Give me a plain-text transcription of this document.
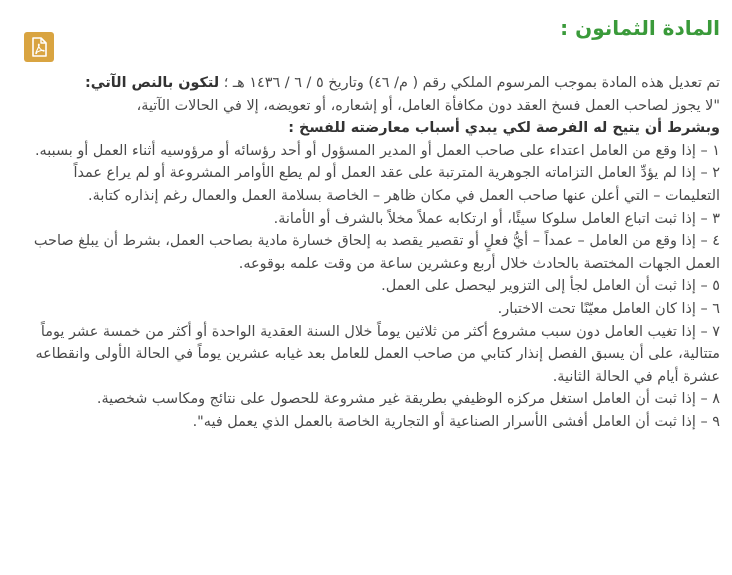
المادة الثمانون :

تم تعديل هذه المادة بموجب المرسوم الملكي رقم ( م/ ٤٦) وتاريخ ٥ / ٦ / ١٤٣٦ هـ ؛ لتكون بالنص الآتي:

"لا يجوز لصاحب العمل فسخ العقد دون مكافأة العامل، أو إشعاره، أو تعويضه، إلا في الحالات الآتية،

وبشرط أن يتيح له الفرصة لكي يبدي أسباب معارضته للفسخ :

١ – إذا وقع من العامل اعتداء على صاحب العمل أو المدير المسؤول أو أحد رؤسائه أو مرؤوسيه أثناء العمل أو بسببه.

٢ – إذا لم يؤدِّ العامل التزاماته الجوهرية المترتبة على عقد العمل أو لم يطع الأوامر المشروعة أو لم يراع عمداً التعليمات – التي أعلن عنها صاحب العمل في مكان ظاهر – الخاصة بسلامة العمل والعمال رغم إنذاره كتابة.

٣ – إذا ثبت اتباع العامل سلوكا سيئًا، أو ارتكابه عملاً مخلاً بالشرف أو الأمانة.

٤ – إذا وقع من العامل – عمداً – أيُّ فعلٍ أو تقصير يقصد به إلحاق خسارة مادية بصاحب العمل، بشرط أن يبلغ صاحب العمل الجهات المختصة بالحادث خلال أربع وعشرين ساعة من وقت علمه بوقوعه.

٥ – إذا ثبت أن العامل لجأ إلى التزوير ليحصل على العمل.

٦ – إذا كان العامل معيّنًا تحت الاختبار.

٧ – إذا تغيب العامل دون سبب مشروع أكثر من ثلاثين يوماً خلال السنة العقدية الواحدة أو أكثر من خمسة عشر يوماً متتالية، على أن يسبق الفصل إنذار كتابي من صاحب العمل للعامل بعد غيابه عشرين يوماً في الحالة الأولى وانقطاعه عشرة أيام في الحالة الثانية.

٨ – إذا ثبت أن العامل استغل مركزه الوظيفي بطريقة غير مشروعة للحصول على نتائج ومكاسب شخصية.

٩ – إذا ثبت أن العامل أفشى الأسرار الصناعية أو التجارية الخاصة بالعمل الذي يعمل فيه".
